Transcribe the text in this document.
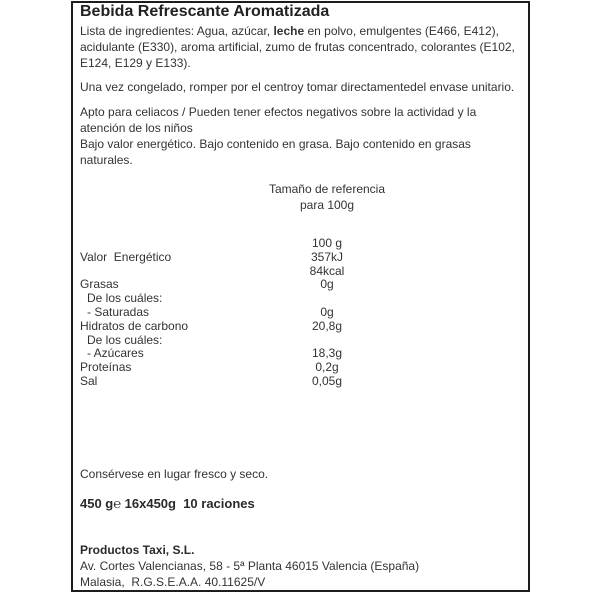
Bebida Refrescante Aromatizada
Lista de ingredientes: Agua, azúcar, leche en polvo, emulgentes (E466, E412),
acidulante (E330), aroma artificial, zumo de frutas concentrado, colorantes (E102,
E124, E129 y E133).
Una vez congelado, romper por el centroy tomar directamentedel envase unitario.
Apto para celiacos / Pueden tener efectos negativos sobre la actividad y la
atención de los niños
Bajo valor energético. Bajo contenido en grasa. Bajo contenido en grasas
naturales.
Tamaño de referencia
para 100g

100 g

Valor  Energético	357kJ
84kcal
Grasas	0g
De los cuáles:
- Saturadas	0g
Hidratos de carbono	20,8g
De los cuáles:
- Azúcares	18,3g
Proteínas	0,2g
Sal	0,05g
Consérvese en lugar fresco y seco.
450 g℮ 16x450g  10 raciones
Productos Taxi, S.L.
Av. Cortes Valencianas, 58 - 5ª Planta 46015 Valencia (España)
Malasia,  R.G.S.E.A.A. 40.11625/V
